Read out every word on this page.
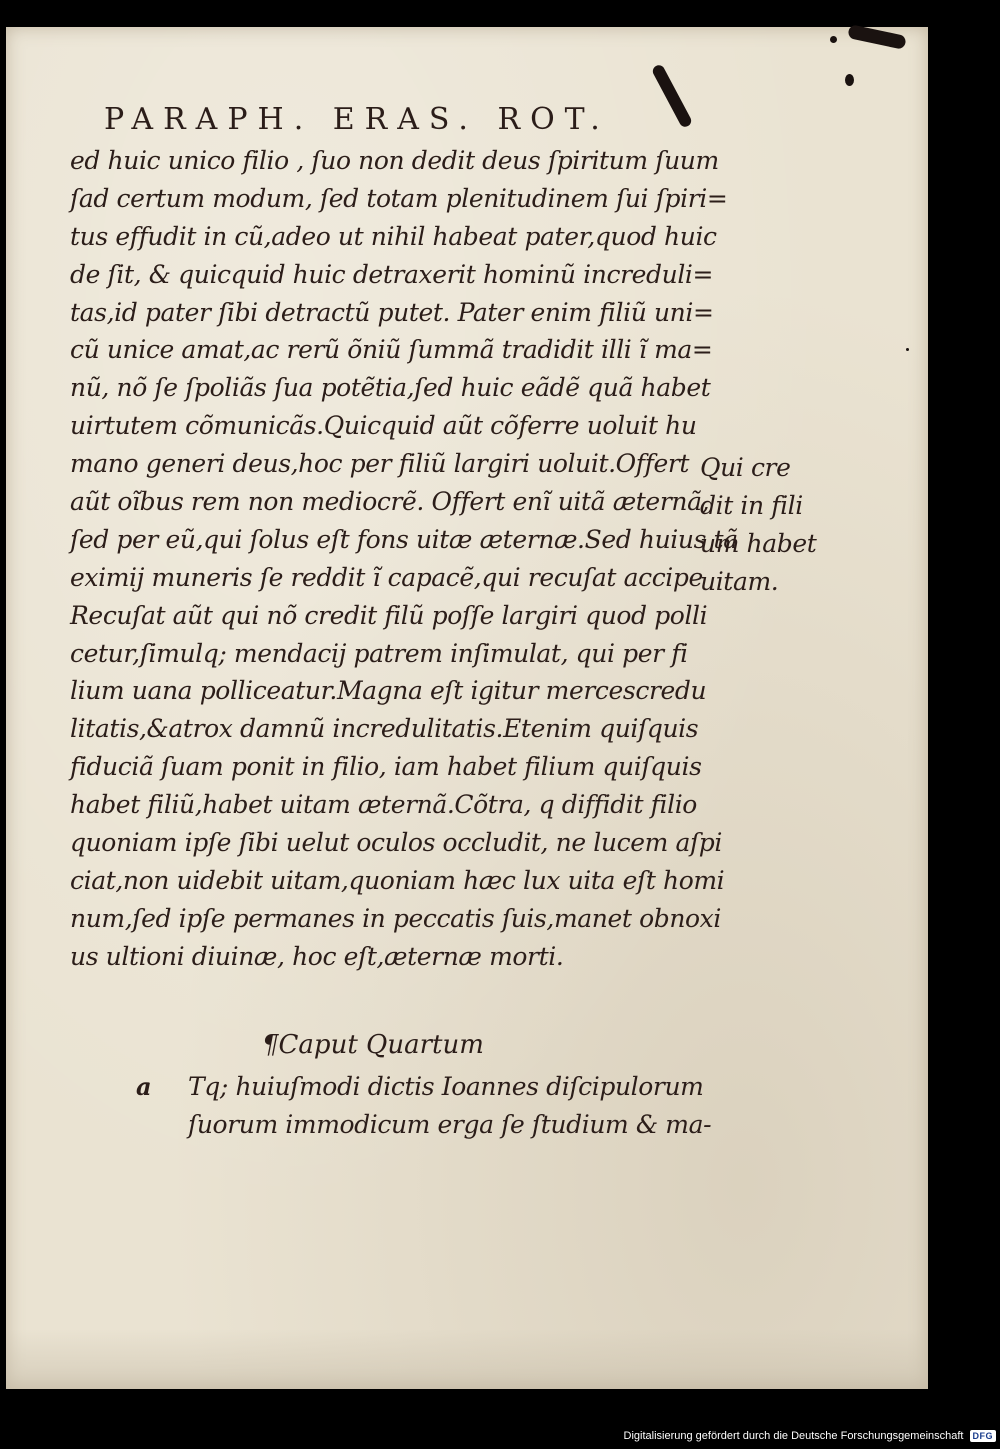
PARAPH. ERAS. ROT.
ed huic unico filio , ſuo non dedit deus ſpiritum ſuum
ſad certum modum, ſed totam plenitudinem ſui ſpiri=
tus effudit in cũ,adeo ut nihil habeat pater,quod huic
de ſit, & quicquid huic detraxerit hominũ increduli=
tas,id pater ſibi detractũ putet. Pater enim filiũ uni=
cũ unice amat,ac rerũ õniũ ſummã tradidit illi ĩ ma=
nũ, nõ ſe ſpoliãs ſua potẽtia,ſed huic eãdẽ quã habet
uirtutem cõmunicãs.Quicquid aũt cõferre uoluit hu
mano generi deus,hoc per filiũ largiri uoluit.Offert
aũt oĩbus rem non mediocrẽ. Offert enĩ uitã æternã,
ſed per eũ,qui ſolus eſt fons uitæ æternæ.Sed huius tã
eximij muneris ſe reddit ĩ capacẽ,qui recuſat accipe
Recuſat aũt qui nõ credit filũ poſſe largiri quod polli
cetur,ſimulq; mendacij patrem inſimulat, qui per fi
lium uana polliceatur.Magna eſt igitur mercescredu
litatis,&atrox damnũ incredulitatis.Etenim quiſquis
fiduciã ſuam ponit in filio, iam habet filium quiſquis
habet filiũ,habet uitam æternã.Cõtra, q diffidit filio
quoniam ipſe ſibi uelut oculos occludit, ne lucem aſpi
ciat,non uidebit uitam,quoniam hæc lux uita eſt homi
num,ſed ipſe permanes in peccatis ſuis,manet obnoxi
us ultioni diuinæ, hoc eſt,æternæ morti.
Qui cre
dit in fili
um habet
uitam.
¶Caput Quartum
a Tq; huiuſmodi dictis Ioannes diſcipulorum
ſuorum immodicum erga ſe ſtudium & ma-
Digitalisierung gefördert durch die Deutsche Forschungsgemeinschaft	DFG
